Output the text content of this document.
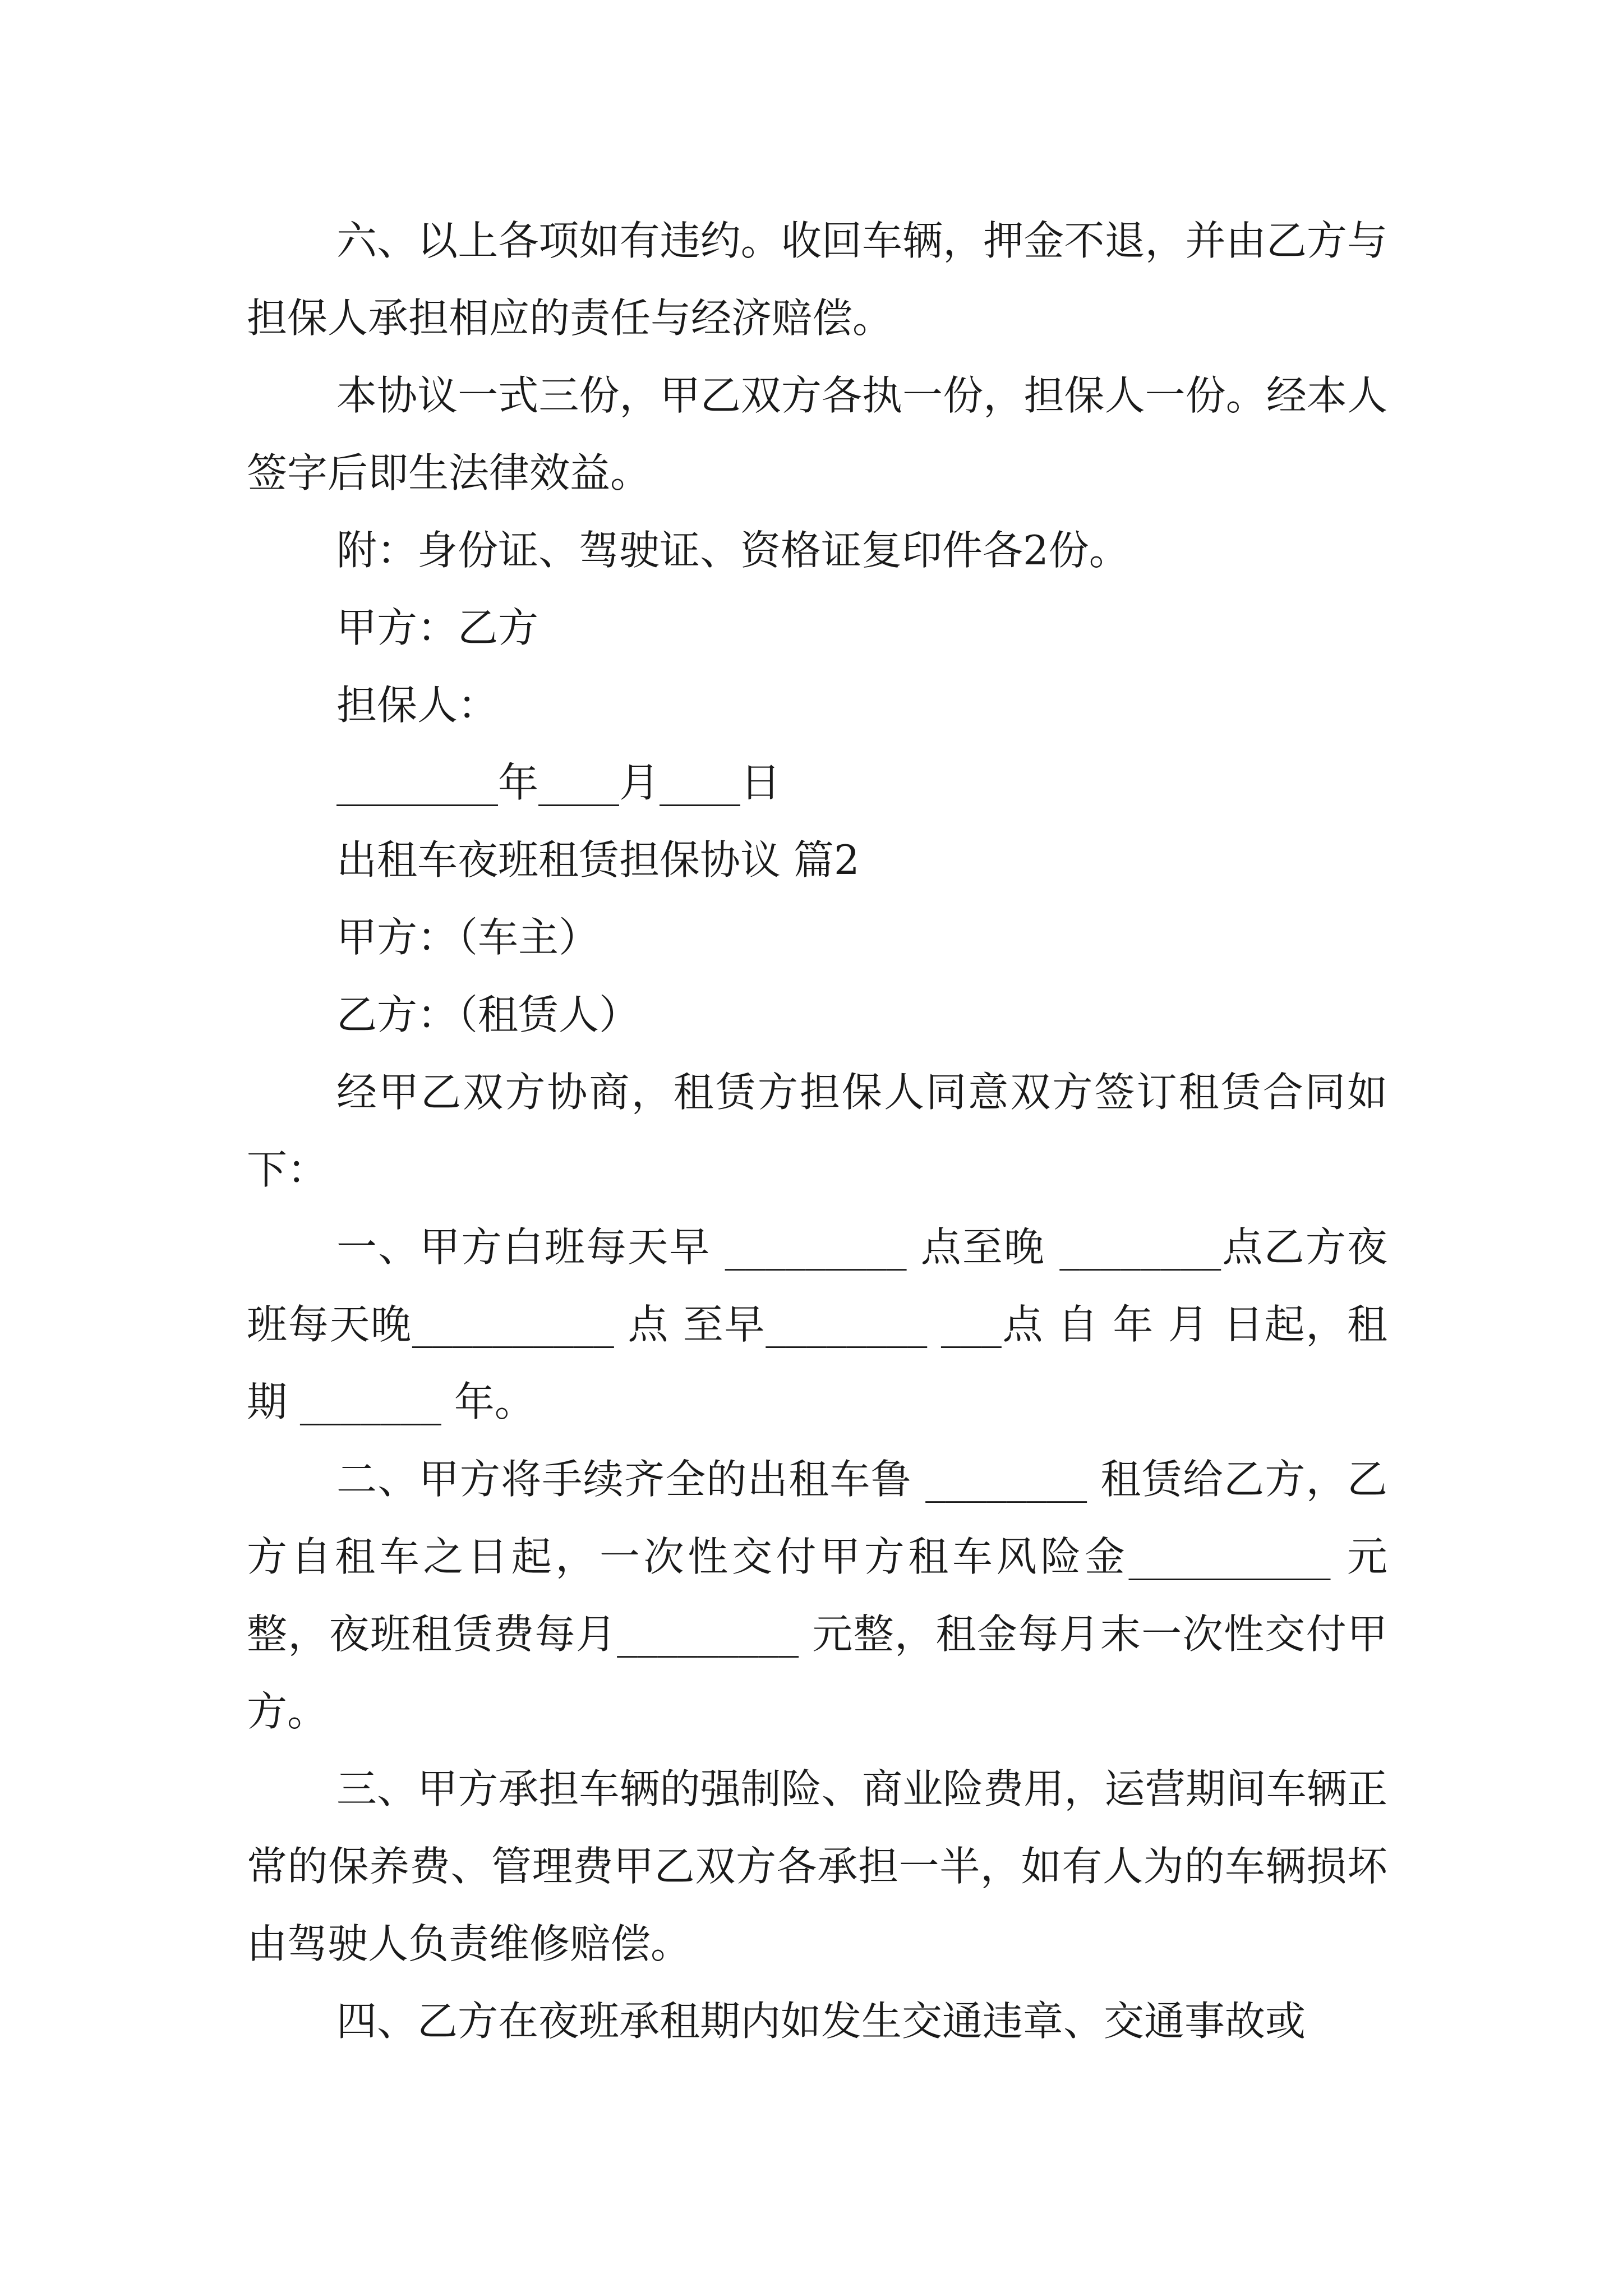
六、以上各项如有违约。收回车辆，押金不退，并由乙方与担保人承担相应的责任与经济赔偿。

本协议一式三份，甲乙双方各执一份，担保人一份。经本人签字后即生法律效益。

附：身份证、驾驶证、资格证复印件各2份。

甲方：乙方

担保人：

________年____月____日

出租车夜班租赁担保协议 篇2

甲方：（车主）

乙方：（租赁人）

经甲乙双方协商，租赁方担保人同意双方签订租赁合同如下：

一、甲方白班每天早 _________ 点至晚 ________点乙方夜班每天晚__________ 点 至早________ ___点 自 年 月 日起，租期 _______ 年。

二、甲方将手续齐全的出租车鲁 ________ 租赁给乙方，乙方自租车之日起，一次性交付甲方租车风险金__________ 元整，夜班租赁费每月_________ 元整，租金每月末一次性交付甲方。

三、甲方承担车辆的强制险、商业险费用，运营期间车辆正常的保养费、管理费甲乙双方各承担一半，如有人为的车辆损坏由驾驶人负责维修赔偿。

四、乙方在夜班承租期内如发生交通违章、交通事故或
